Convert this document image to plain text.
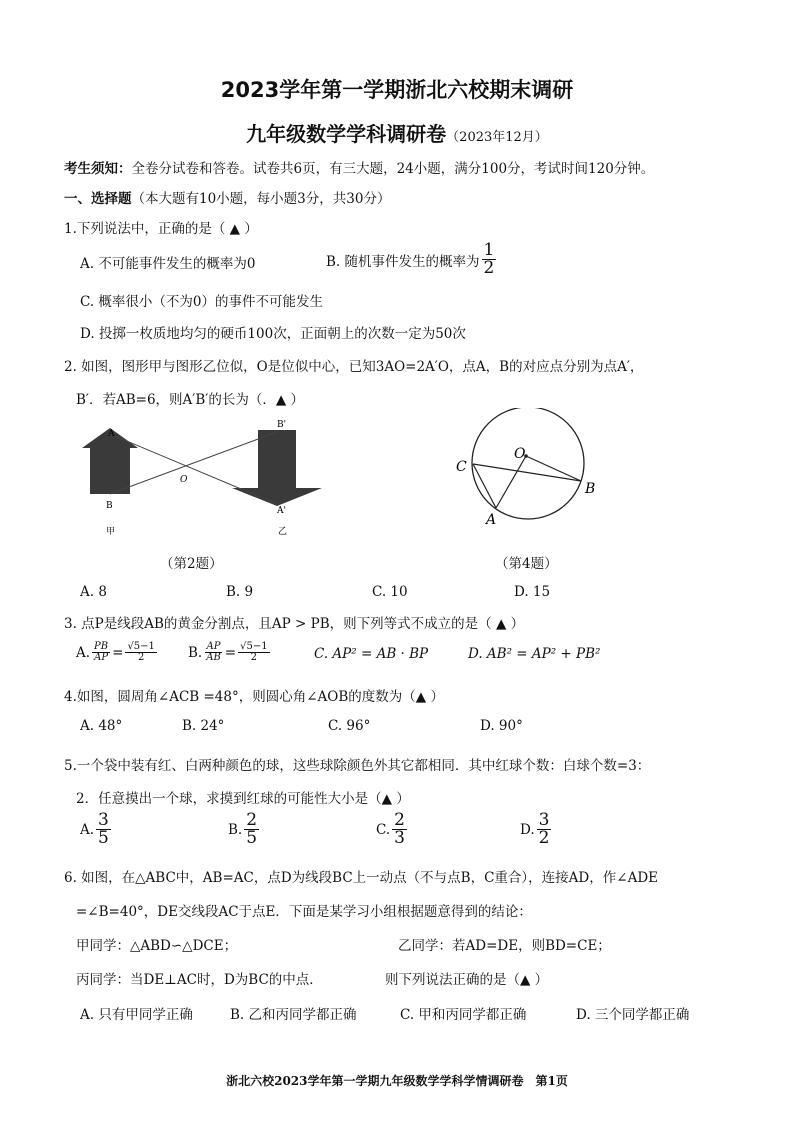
2023学年第一学期浙北六校期末调研
九年级数学学科调研卷（2023年12月）
考生须知：全卷分试卷和答卷。试卷共6页，有三大题，24小题，满分100分，考试时间120分钟。
一、选择题（本大题有10小题，每小题3分，共30分）
1.下列说法中，正确的是（ ▲ ）
A. 不可能事件发生的概率为0	B. 随机事件发生的概率为 $\frac{1}{2}$
C. 概率很小（不为0）的事件不可能发生
D. 投掷一枚质地均匀的硬币100次，正面朝上的次数一定为50次
2. 如图，图形甲与图形乙位似，O是位似中心，已知3AO=2A′O，点A，B的对应点分别为点A′，
B′．若AB=6，则A′B′的长为（．▲ ）
A
B
O
B'
A'
甲	乙
（第2题）
C
O
B
A
（第4题）
A. 8	B. 9	C. 10	D. 15
3. 点P是线段AB的黄金分割点，且AP > PB，则下列等式不成立的是（ ▲ ）
A. $\frac{PB}{AP} = \frac{√5-1}{2} B$. $\frac{AP}{AB} = \frac{√5-1}{2}$	C. AP² = AB · BP	D. AB² = AP² + PB²
4.如图，圆周角∠ACB =48°，则圆心角∠AOB的度数为（▲ ）
A. 48°	B. 24°	C. 96°	D. 90°
5.一个袋中装有红、白两种颜色的球，这些球除颜色外其它都相同．其中红球个数：白球个数=3：
2．任意摸出一个球，求摸到红球的可能性大小是（▲ ）
A. $\frac{3}{5}$	B. $\frac{2}{5}$	C. $\frac{2}{3}$	D. $\frac{3}{2}$
6. 如图，在△ABC中，AB=AC，点D为线段BC上一动点（不与点B，C重合），连接AD，作∠ADE
=∠B=40°，DE交线段AC于点E．下面是某学习小组根据题意得到的结论：
甲同学：△ABD∽△DCE；	乙同学：若AD=DE，则BD=CE；
丙同学：当DE⊥AC时，D为BC的中点．	则下列说法正确的是（▲ ）
A. 只有甲同学正确	B. 乙和丙同学都正确	C. 甲和丙同学都正确	D. 三个同学都正确
浙北六校2023学年第一学期九年级数学学科学情调研卷　第1页
